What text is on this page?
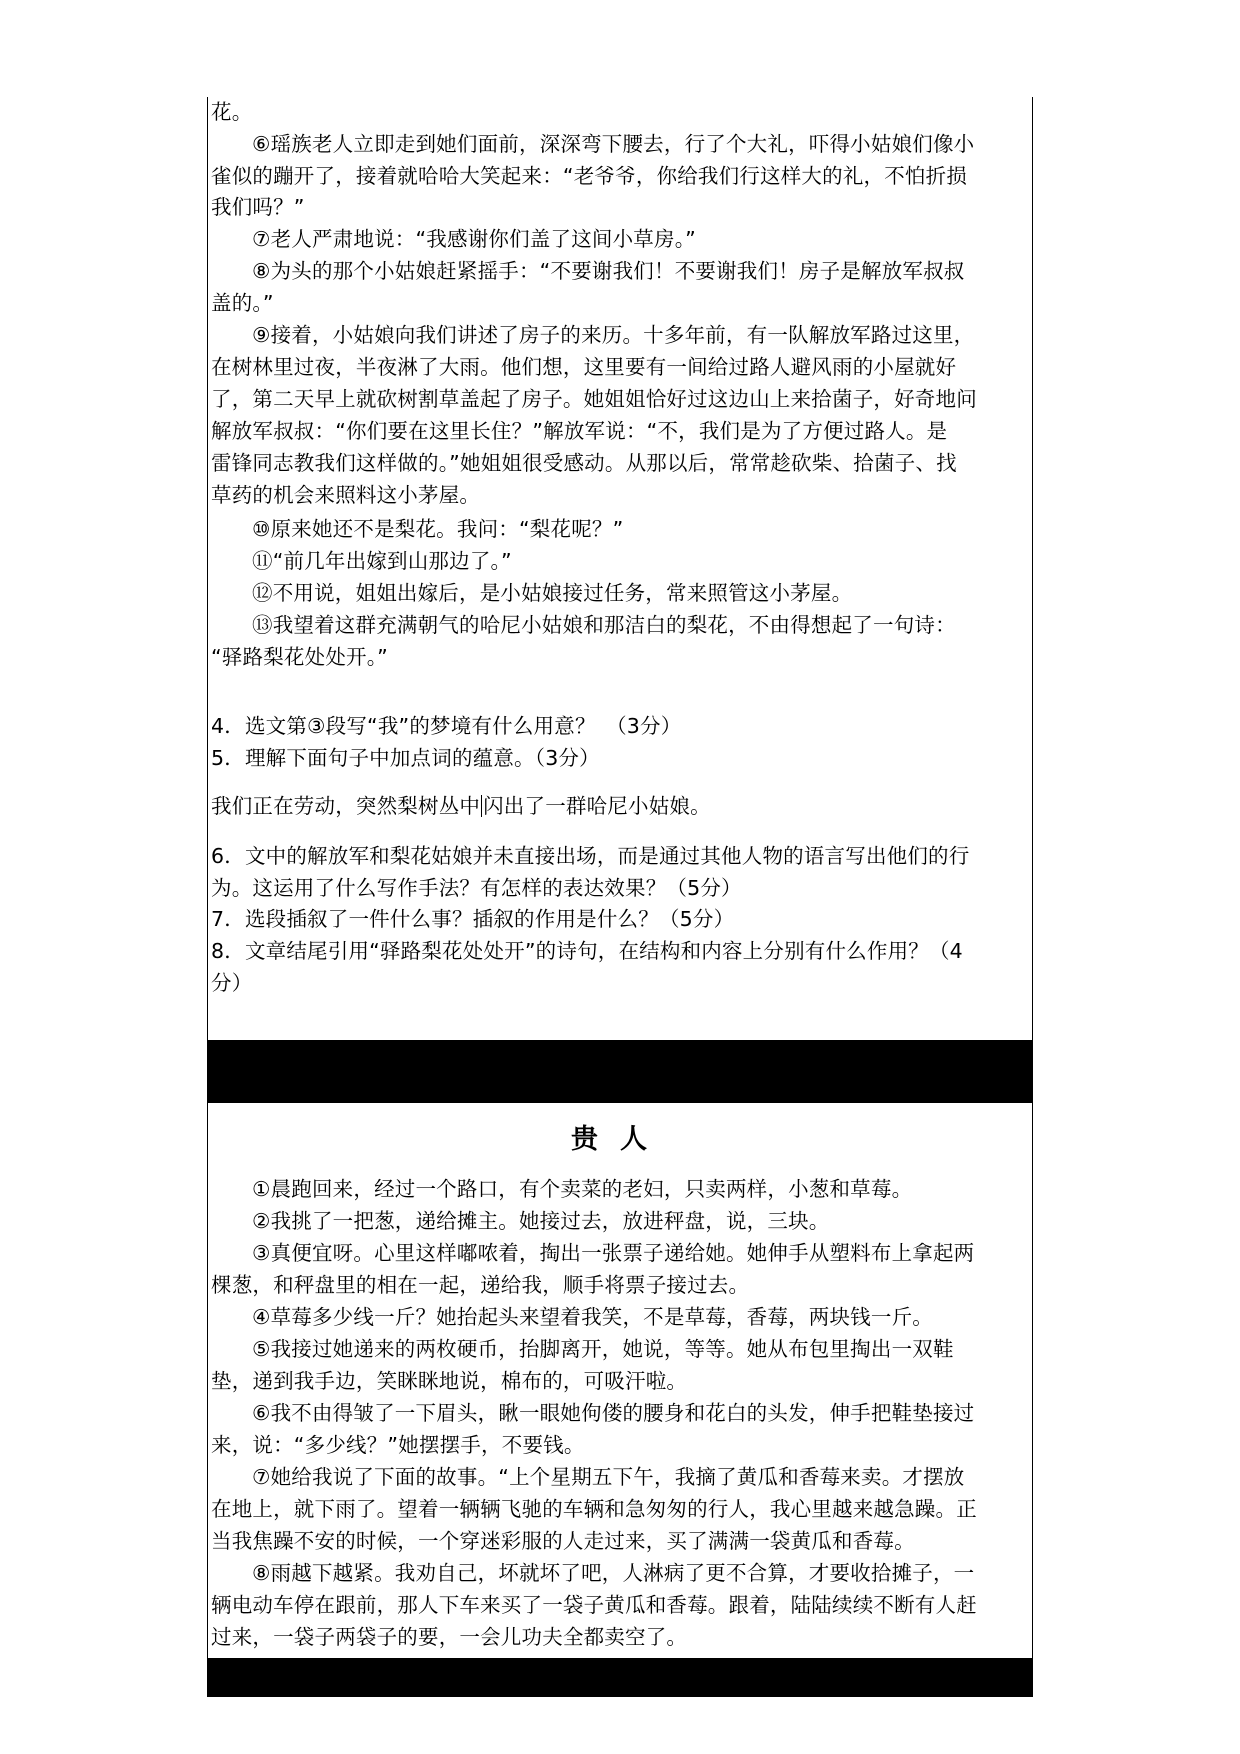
花。
⑥瑶族老人立即走到她们面前，深深弯下腰去，行了个大礼，吓得小姑娘们像小
雀似的蹦开了，接着就哈哈大笑起来：“老爷爷，你给我们行这样大的礼，不怕折损
我们吗？”
⑦老人严肃地说：“我感谢你们盖了这间小草房。”
⑧为头的那个小姑娘赶紧摇手：“不要谢我们！不要谢我们！房子是解放军叔叔
盖的。”
⑨接着，小姑娘向我们讲述了房子的来历。十多年前，有一队解放军路过这里，
在树林里过夜，半夜淋了大雨。他们想，这里要有一间给过路人避风雨的小屋就好
了，第二天早上就砍树割草盖起了房子。她姐姐恰好过这边山上来拾菌子，好奇地问
解放军叔叔：“你们要在这里长住？”解放军说：“不，我们是为了方便过路人。是
雷锋同志教我们这样做的。”她姐姐很受感动。从那以后，常常趁砍柴、拾菌子、找
草药的机会来照料这小茅屋。
⑩原来她还不是梨花。我问：“梨花呢？”
⑪“前几年出嫁到山那边了。”
⑫不用说，姐姐出嫁后，是小姑娘接过任务，常来照管这小茅屋。
⑬我望着这群充满朝气的哈尼小姑娘和那洁白的梨花，不由得想起了一句诗：
“驿路梨花处处开。”
4．选文第③段写“我”的梦境有什么用意？　（3分）
5．理解下面句子中加点词的蕴意。（3分）
我们正在劳动，突然梨树丛中 闪出了一群哈尼小姑娘。
6．文中的解放军和梨花姑娘并未直接出场，而是通过其他人物的语言写出他们的行
为。这运用了什么写作手法？有怎样的表达效果？（5分）
7．选段插叙了一件什么事？插叙的作用是什么？（5分）
8．文章结尾引用“驿路梨花处处开”的诗句，在结构和内容上分别有什么作用？（4
分）
贵人
①晨跑回来，经过一个路口，有个卖菜的老妇，只卖两样，小葱和草莓。
②我挑了一把葱，递给摊主。她接过去，放进秤盘，说，三块。
③真便宜呀。心里这样嘟哝着，掏出一张票子递给她。她伸手从塑料布上拿起两
棵葱，和秤盘里的相在一起，递给我，顺手将票子接过去。
④草莓多少线一斤？她抬起头来望着我笑，不是草莓，香莓，两块钱一斤。
⑤我接过她递来的两枚硬币，抬脚离开，她说，等等。她从布包里掏出一双鞋
垫，递到我手边，笑眯眯地说，棉布的，可吸汗啦。
⑥我不由得皱了一下眉头，瞅一眼她佝偻的腰身和花白的头发，伸手把鞋垫接过
来，说：“多少线？”她摆摆手，不要钱。
⑦她给我说了下面的故事。“上个星期五下午，我摘了黄瓜和香莓来卖。才摆放
在地上，就下雨了。望着一辆辆飞驰的车辆和急匆匆的行人，我心里越来越急躁。正
当我焦躁不安的时候，一个穿迷彩服的人走过来，买了满满一袋黄瓜和香莓。
⑧雨越下越紧。我劝自己，坏就坏了吧，人淋病了更不合算，才要收拾摊子，一
辆电动车停在跟前，那人下车来买了一袋子黄瓜和香莓。跟着，陆陆续续不断有人赶
过来，一袋子两袋子的要，一会儿功夫全都卖空了。
